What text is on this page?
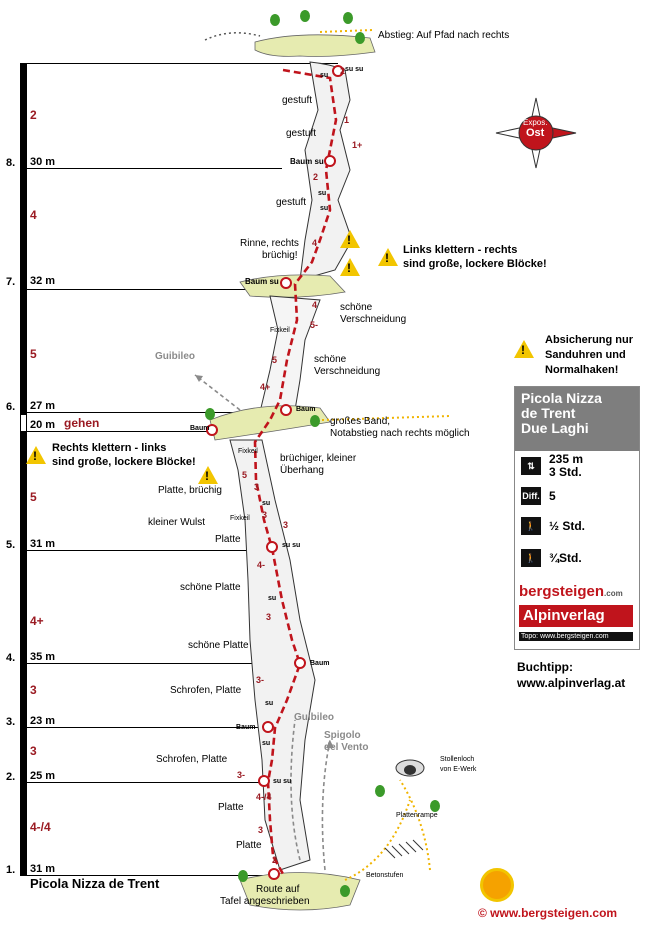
8. 30 m
7. 32 m
6. 27 m
20 m
5. 31 m
4. 35 m
3. 23 m
2. 25 m
1. 31 m
2
4
5
gehen
5
4+
3
3
4-/4
Picola Nizza de Trent
Abstieg: Auf Pfad nach rechts
gestuft
gestuft
gestuft
Baum su
Rinne, rechts
brüchig!
Baum su
schöne
Verschneidung
Fixkeil
schöne
Verschneidung
Guibileo
Baum
Baum
großes Band,
Notabstieg nach rechts möglich
Fixkeil
brüchiger, kleiner
Überhang
Platte, brüchig
Fixkeil
kleiner Wulst
Platte
su su
schöne Platte
schöne Platte
Baum
Schrofen, Platte
Baum
Guibileo
Spigolo
del Vento
Schrofen, Platte
su su
Platte
Platte
Stollenloch
von E-Werk
Plattenrampe
Betonstufen
Route auf
Tafel angeschrieben
su su
su
su
su
su
su
su
su
2
1
1+
2
4
4
5-
5
4+
5
3
3
3
4-
3
3-
3-
4-/4
3
2
!
!
!
Links klettern - rechts
sind große, lockere Blöcke!
!
Rechts klettern - links
sind große, lockere Blöcke!
!
!
Absicherung nur
Sanduhren und
Normalhaken!
Expos.
Ost
Picola Nizza
de Trent
Due Laghi
⇅	235 m
3 Std.
Diff. 5
🚶	½ Std.
🚶	¾Std.
bergsteigen.com
Alpinverlag
Topo: www.bergsteigen.com
Buchtipp:
www.alpinverlag.at
© www.bergsteigen.com
